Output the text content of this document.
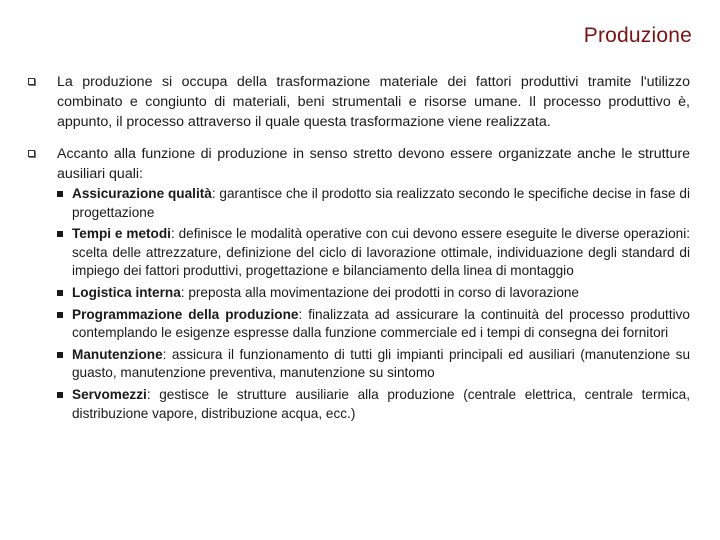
Produzione
La produzione si occupa della trasformazione materiale dei fattori produttivi tramite l'utilizzo combinato e congiunto di materiali, beni strumentali e risorse umane. Il processo produttivo è, appunto, il processo attraverso il quale questa trasformazione viene realizzata.
Accanto alla funzione di produzione in senso stretto devono essere organizzate anche le strutture ausiliari quali:
Assicurazione qualità: garantisce che il prodotto sia realizzato secondo le specifiche decise in fase di progettazione
Tempi e metodi: definisce le modalità operative con cui devono essere eseguite le diverse operazioni: scelta delle attrezzature, definizione del ciclo di lavorazione ottimale, individuazione degli standard di impiego dei fattori produttivi, progettazione e bilanciamento della linea di montaggio
Logistica interna: preposta alla movimentazione dei prodotti in corso di lavorazione
Programmazione della produzione: finalizzata ad assicurare la continuità del processo produttivo contemplando le esigenze espresse dalla funzione commerciale ed i tempi di consegna dei fornitori
Manutenzione: assicura il funzionamento di tutti gli impianti principali ed ausiliari (manutenzione su guasto, manutenzione preventiva, manutenzione su sintomo
Servomezzi: gestisce le strutture ausiliarie alla produzione (centrale elettrica, centrale termica, distribuzione vapore, distribuzione acqua, ecc.)
